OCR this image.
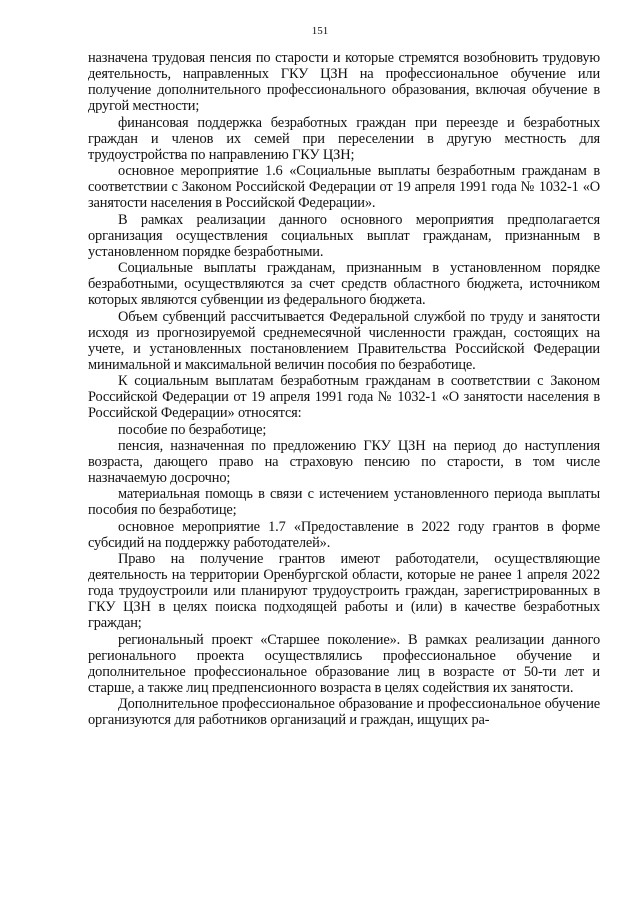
151

назначена трудовая пенсия по старости и которые стремятся возобновить трудовую деятельность, направленных ГКУ ЦЗН на профессиональное обучение или получение дополнительного профессионального образования, включая обучение в другой местности;

финансовая поддержка безработных граждан при переезде и безработных граждан и членов их семей при переселении в другую местность для трудоустройства по направлению ГКУ ЦЗН;

основное мероприятие 1.6 «Социальные выплаты безработным гражданам в соответствии с Законом Российской Федерации от 19 апреля 1991 года № 1032-1 «О занятости населения в Российской Федерации».

В рамках реализации данного основного мероприятия предполагается организация осуществления социальных выплат гражданам, признанным в установленном порядке безработными.

Социальные выплаты гражданам, признанным в установленном порядке безработными, осуществляются за счет средств областного бюджета, источником которых являются субвенции из федерального бюджета.

Объем субвенций рассчитывается Федеральной службой по труду и занятости исходя из прогнозируемой среднемесячной численности граждан, состоящих на учете, и установленных постановлением Правительства Российской Федерации минимальной и максимальной величин пособия по безработице.

К социальным выплатам безработным гражданам в соответствии с Законом Российской Федерации от 19 апреля 1991 года № 1032-1 «О занятости населения в Российской Федерации» относятся:

пособие по безработице;

пенсия, назначенная по предложению ГКУ ЦЗН на период до наступления возраста, дающего право на страховую пенсию по старости, в том числе назначаемую досрочно;

материальная помощь в связи с истечением установленного периода выплаты пособия по безработице;

основное мероприятие 1.7 «Предоставление в 2022 году грантов в форме субсидий на поддержку работодателей».

Право на получение грантов имеют работодатели, осуществляющие деятельность на территории Оренбургской области, которые не ранее 1 апреля 2022 года трудоустроили или планируют трудоустроить граждан, зарегистрированных в ГКУ ЦЗН в целях поиска подходящей работы и (или) в качестве безработных граждан;

региональный проект «Старшее поколение». В рамках реализации данного регионального проекта осуществлялись профессиональное обучение и дополнительное профессиональное образование лиц в возрасте от 50-ти лет и старше, а также лиц предпенсионного возраста в целях содействия их занятости.

Дополнительное профессиональное образование и профессиональное обучение организуются для работников организаций и граждан, ищущих ра-
